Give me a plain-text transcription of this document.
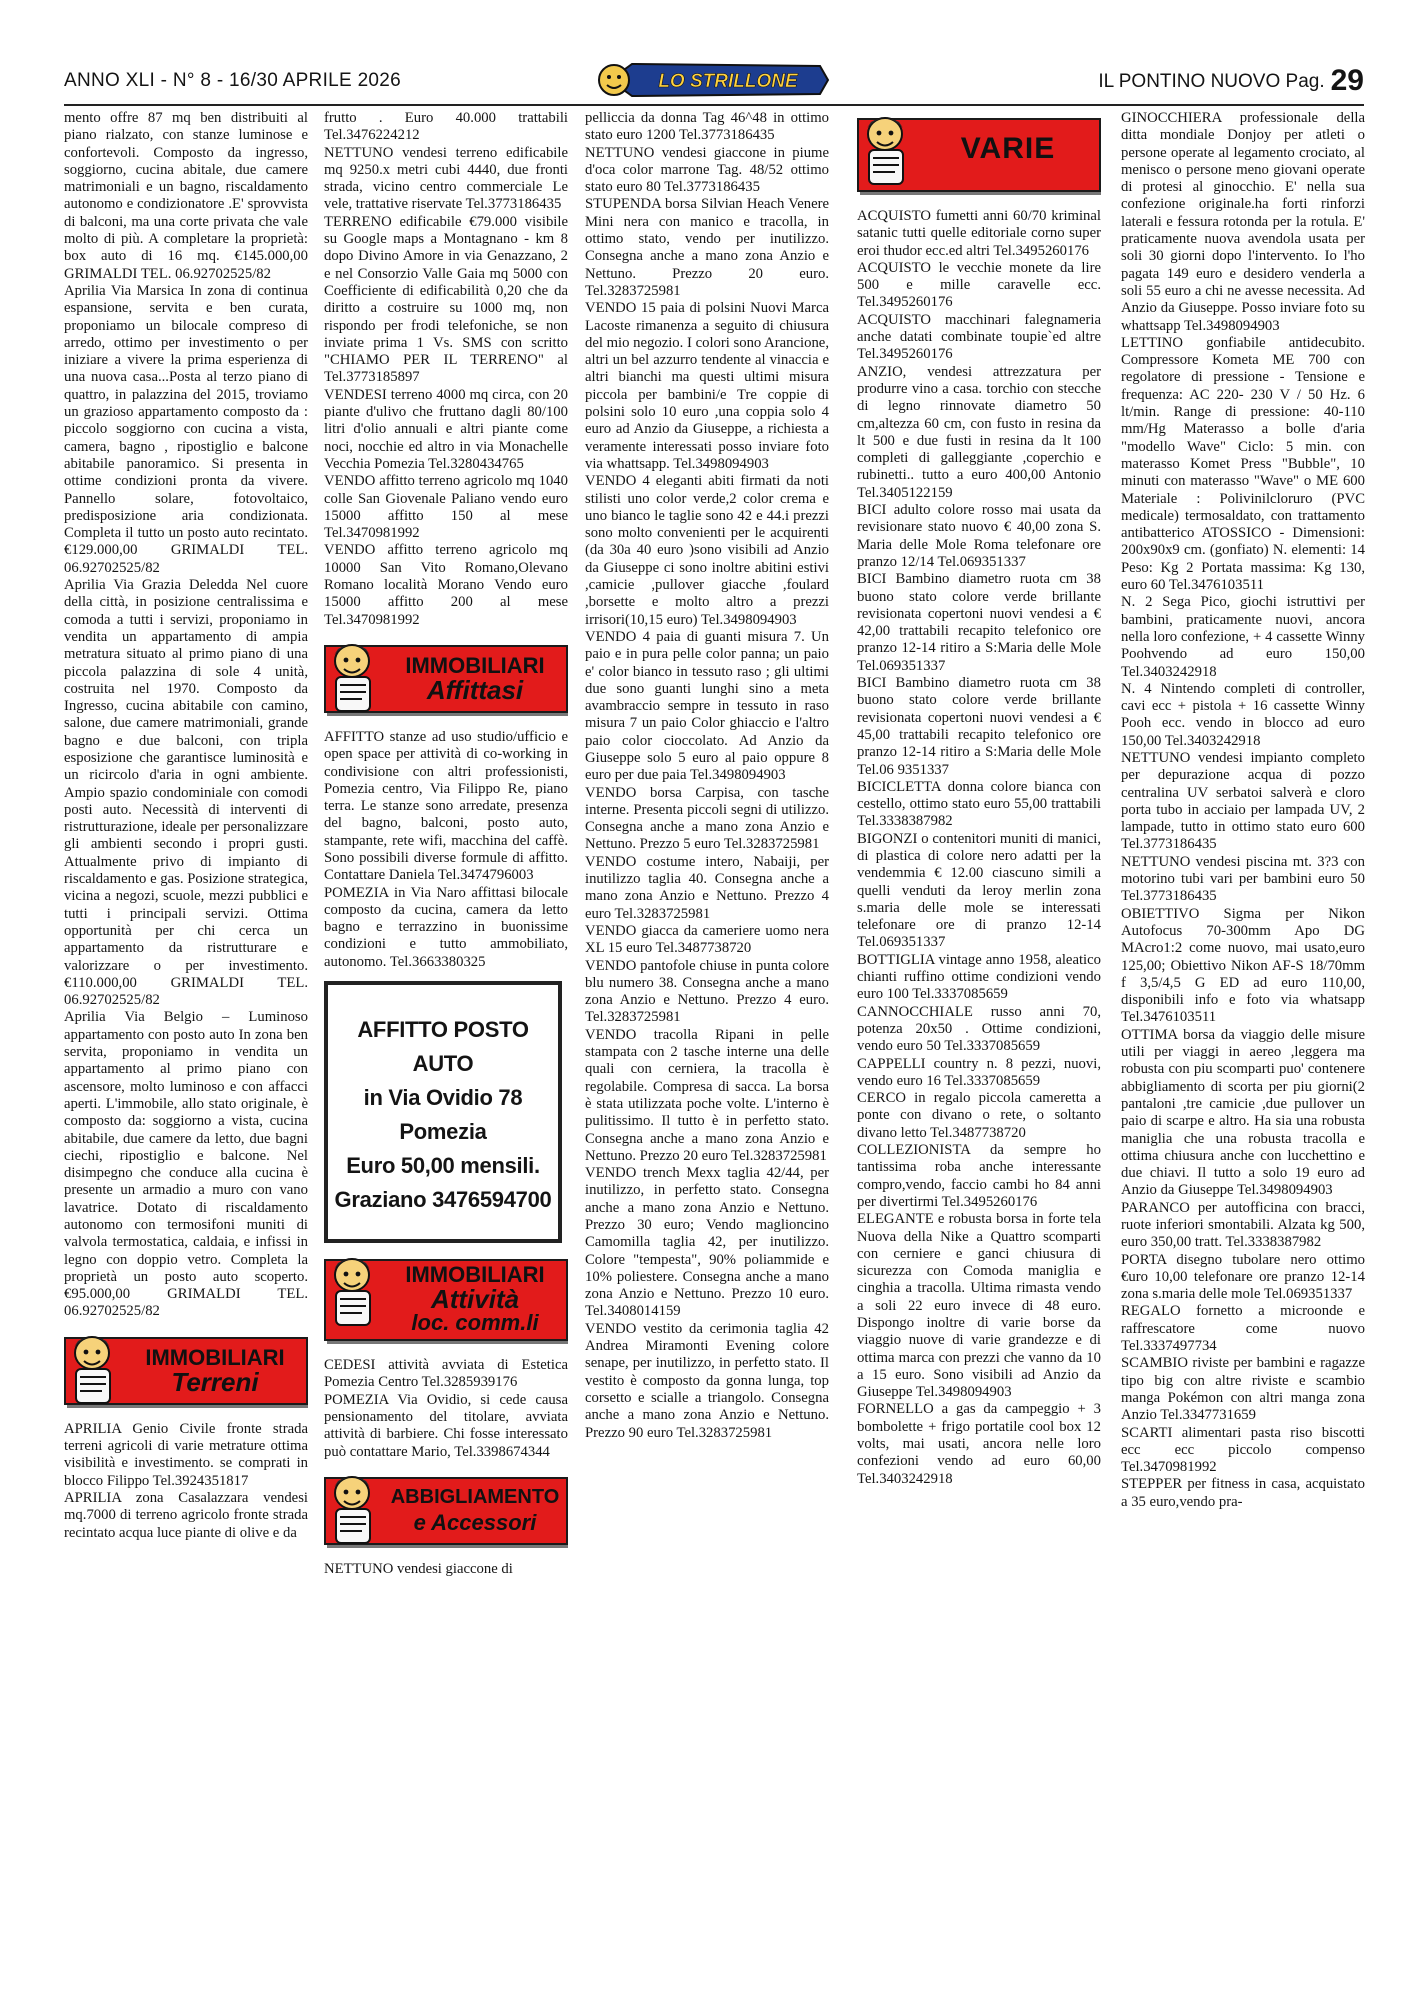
ANNO XLI - N° 8 - 16/30 APRILE 2026	LO STRILLONE	IL PONTINO NUOVO Pag. 29

mento offre 87 mq ben distribuiti al piano rialzato, con stanze luminose e confortevoli. Composto da ingresso, soggiorno, cucina abitale, due camere matrimoniali e un bagno, riscaldamento autonomo e condizionatore .E' sprovvista di balconi, ma una corte privata che vale molto di più. A completare la proprietà: box auto di 16 mq. €145.000,00 GRIMALDI TEL. 06.92702525/82

Aprilia Via Marsica In zona di continua espansione, servita e ben curata, proponiamo un bilocale compreso di arredo, ottimo per investimento o per iniziare a vivere la prima esperienza di una nuova casa...Posta al terzo piano di quattro, in palazzina del 2015, troviamo un grazioso appartamento composto da : piccolo soggiorno con cucina a vista, camera, bagno , ripostiglio e balcone abitabile panoramico. Si presenta in ottime condizioni pronta da vivere. Pannello solare, fotovoltaico, predisposizione aria condizionata. Completa il tutto un posto auto recintato. €129.000,00 GRIMALDI TEL. 06.92702525/82

Aprilia Via Grazia Deledda Nel cuore della città, in posizione centralissima e comoda a tutti i servizi, proponiamo in vendita un appartamento di ampia metratura situato al primo piano di una piccola palazzina di sole 4 unità, costruita nel 1970. Composto da Ingresso, cucina abitabile con camino, salone, due camere matrimoniali, grande bagno e due balconi, con tripla esposizione che garantisce luminosità e un ricircolo d'aria in ogni ambiente. Ampio spazio condominiale con comodi posti auto. Necessità di interventi di ristrutturazione, ideale per personalizzare gli ambienti secondo i propri gusti. Attualmente privo di impianto di riscaldamento e gas. Posizione strategica, vicina a negozi, scuole, mezzi pubblici e tutti i principali servizi. Ottima opportunità per chi cerca un appartamento da ristrutturare e valorizzare o per investimento. €110.000,00 GRIMALDI TEL. 06.92702525/82

Aprilia Via Belgio – Luminoso appartamento con posto auto In zona ben servita, proponiamo in vendita un appartamento al primo piano con ascensore, molto luminoso e con affacci aperti. L'immobile, allo stato originale, è composto da: soggiorno a vista, cucina abitabile, due camere da letto, due bagni ciechi, ripostiglio e balcone. Nel disimpegno che conduce alla cucina è presente un armadio a muro con vano lavatrice. Dotato di riscaldamento autonomo con termosifoni muniti di valvola termostatica, caldaia, e infissi in legno con doppio vetro. Completa la proprietà un posto auto scoperto. €95.000,00 GRIMALDI TEL. 06.92702525/82

IMMOBILIARI
Terreni

APRILIA Genio Civile fronte strada terreni agricoli di varie metrature ottima visibilità e investimento. se comprati in blocco Filippo Tel.3924351817

APRILIA zona Casalazzara vendesi mq.7000 di terreno agricolo fronte strada recintato acqua luce piante di olive e da

frutto . Euro 40.000 trattabili Tel.3476224212

NETTUNO vendesi terreno edificabile mq 9250.x metri cubi 4440, due fronti strada, vicino centro commerciale Le vele, trattative riservate Tel.3773186435

TERRENO edificabile €79.000 visibile su Google maps a Montagnano - km 8 dopo Divino Amore in via Genazzano, 2 e nel Consorzio Valle Gaia mq 5000 con Coefficiente di edificabilità 0,20 che da diritto a costruire su 1000 mq, non rispondo per frodi telefoniche, se non inviate prima 1 Vs. SMS con scritto "CHIAMO PER IL TERRENO" al Tel.3773185897

VENDESI terreno 4000 mq circa, con 20 piante d'ulivo che fruttano dagli 80/100 litri d'olio annuali e altri piante come noci, nocchie ed altro in via Monachelle Vecchia Pomezia Tel.3280434765

VENDO affitto terreno agricolo mq 1040 colle San Giovenale Paliano vendo euro 15000 affitto 150 al mese Tel.3470981992

VENDO affitto terreno agricolo mq 10000 San Vito Romano,Olevano Romano località Morano Vendo euro 15000 affitto 200 al mese Tel.3470981992

IMMOBILIARI
Affittasi

AFFITTO stanze ad uso studio/ufficio e open space per attività di co-working in condivisione con altri professionisti, Pomezia centro, Via Filippo Re, piano terra. Le stanze sono arredate, presenza del bagno, balconi, posto auto, stampante, rete wifi, macchina del caffè. Sono possibili diverse formule di affitto. Contattare Daniela Tel.3474796003

POMEZIA in Via Naro affittasi bilocale composto da cucina, camera da letto bagno e terrazzino in buonissime condizioni e tutto ammobiliato, autonomo. Tel.3663380325

AFFITTO POSTO AUTO
in Via Ovidio 78 Pomezia
Euro 50,00 mensili.
Graziano 3476594700
IMMOBILIARI
Attività
loc. comm.li

CEDESI attività avviata di Estetica Pomezia Centro Tel.3285939176

POMEZIA Via Ovidio, si cede causa pensionamento del titolare, avviata attività di barbiere. Chi fosse interessato può contattare Mario, Tel.3398674344

ABBIGLIAMENTO
e Accessori

NETTUNO vendesi giaccone di

pelliccia da donna Tag 46^48 in ottimo stato euro 1200 Tel.3773186435

NETTUNO vendesi giaccone in piume d'oca color marrone Tag. 48/52 ottimo stato euro 80 Tel.3773186435

STUPENDA borsa Silvian Heach Venere Mini nera con manico e tracolla, in ottimo stato, vendo per inutilizzo. Consegna anche a mano zona Anzio e Nettuno. Prezzo 20 euro. Tel.3283725981

VENDO 15 paia di polsini Nuovi Marca Lacoste rimanenza a seguito di chiusura del mio negozio. I colori sono Arancione, altri un bel azzurro tendente al vinaccia e altri bianchi ma questi ultimi misura piccola per bambini/e Tre coppie di polsini solo 10 euro ,una coppia solo 4 euro ad Anzio da Giuseppe, a richiesta a veramente interessati posso inviare foto via whattsapp. Tel.3498094903

VENDO 4 eleganti abiti firmati da noti stilisti uno color verde,2 color crema e uno bianco le taglie sono 42 e 44.i prezzi sono molto convenienti per le acquirenti (da 30a 40 euro )sono visibili ad Anzio da Giuseppe ci sono inoltre abitini estivi ,camicie ,pullover giacche ,foulard ,borsette e molto altro a prezzi irrisori(10,15 euro) Tel.3498094903

VENDO 4 paia di guanti misura 7. Un paio e in pura pelle color panna; un paio e' color bianco in tessuto raso ; gli ultimi due sono guanti lunghi sino a meta avambraccio sempre in tessuto in raso misura 7 un paio Color ghiaccio e l'altro paio color cioccolato. Ad Anzio da Giuseppe solo 5 euro al paio oppure 8 euro per due paia Tel.3498094903

VENDO borsa Carpisa, con tasche interne. Presenta piccoli segni di utilizzo. Consegna anche a mano zona Anzio e Nettuno. Prezzo 5 euro Tel.3283725981

VENDO costume intero, Nabaiji, per inutilizzo taglia 40. Consegna anche a mano zona Anzio e Nettuno. Prezzo 4 euro Tel.3283725981

VENDO giacca da cameriere uomo nera XL 15 euro Tel.3487738720

VENDO pantofole chiuse in punta colore blu numero 38. Consegna anche a mano zona Anzio e Nettuno. Prezzo 4 euro. Tel.3283725981

VENDO tracolla Ripani in pelle stampata con 2 tasche interne una delle quali con cerniera, la tracolla è regolabile. Compresa di sacca. La borsa è stata utilizzata poche volte. L'interno è pulitissimo. Il tutto è in perfetto stato. Consegna anche a mano zona Anzio e Nettuno. Prezzo 20 euro Tel.3283725981

VENDO trench Mexx taglia 42/44, per inutilizzo, in perfetto stato. Consegna anche a mano zona Anzio e Nettuno. Prezzo 30 euro; Vendo maglioncino Camomilla taglia 42, per inutilizzo. Colore "tempesta", 90% poliammide e 10% poliestere. Consegna anche a mano zona Anzio e Nettuno. Prezzo 10 euro. Tel.3408014159

VENDO vestito da cerimonia taglia 42 Andrea Miramonti Evening colore senape, per inutilizzo, in perfetto stato. Il vestito è composto da gonna lunga, top corsetto e scialle a triangolo. Consegna anche a mano zona Anzio e Nettuno. Prezzo 90 euro Tel.3283725981

VARIE

ACQUISTO fumetti anni 60/70 kriminal satanic tutti quelle editoriale corno super eroi thudor ecc.ed altri Tel.3495260176

ACQUISTO le vecchie monete da lire 500 e mille caravelle ecc. Tel.3495260176

ACQUISTO macchinari falegnameria anche datati combinate toupie`ed altre Tel.3495260176

ANZIO, vendesi attrezzatura per produrre vino a casa. torchio con stecche di legno rinnovate diametro 50 cm,altezza 60 cm, con fusto in resina da lt 500 e due fusti in resina da lt 100 completi di galleggiante ,coperchio e rubinetti.. tutto a euro 400,00 Antonio Tel.3405122159

BICI adulto colore rosso mai usata da revisionare stato nuovo € 40,00 zona S. Maria delle Mole Roma telefonare ore pranzo 12/14 Tel.069351337

BICI Bambino diametro ruota cm 38 buono stato colore verde brillante revisionata copertoni nuovi vendesi a € 42,00 trattabili recapito telefonico ore pranzo 12-14 ritiro a S:Maria delle Mole Tel.069351337

BICI Bambino diametro ruota cm 38 buono stato colore verde brillante revisionata copertoni nuovi vendesi a € 45,00 trattabili recapito telefonico ore pranzo 12-14 ritiro a S:Maria delle Mole Tel.06 9351337

BICICLETTA donna colore bianca con cestello, ottimo stato euro 55,00 trattabili Tel.3338387982

BIGONZI o contenitori muniti di manici, di plastica di colore nero adatti per la vendemmia € 12.00 ciascuno simili a quelli venduti da leroy merlin zona s.maria delle mole se interessati telefonare ore di pranzo 12-14 Tel.069351337

BOTTIGLIA vintage anno 1958, aleatico chianti ruffino ottime condizioni vendo euro 100 Tel.3337085659

CANNOCCHIALE russo anni 70, potenza 20x50 . Ottime condizioni, vendo euro 50 Tel.3337085659

CAPPELLI country n. 8 pezzi, nuovi, vendo euro 16 Tel.3337085659

CERCO in regalo piccola cameretta a ponte con divano o rete, o soltanto divano letto Tel.3487738720

COLLEZIONISTA da sempre ho tantissima roba anche interessante compro,vendo, faccio cambi ho 84 anni per divertirmi Tel.3495260176

ELEGANTE e robusta borsa in forte tela Nuova della Nike a Quattro scomparti con cerniere e ganci chiusura di sicurezza con Comoda maniglia e cinghia a tracolla. Ultima rimasta vendo a soli 22 euro invece di 48 euro. Dispongo inoltre di varie borse da viaggio nuove di varie grandezze e di ottima marca con prezzi che vanno da 10 a 15 euro. Sono visibili ad Anzio da Giuseppe Tel.3498094903

FORNELLO a gas da campeggio + 3 bombolette + frigo portatile cool box 12 volts, mai usati, ancora nelle loro confezioni vendo ad euro 60,00 Tel.3403242918

GINOCCHIERA professionale della ditta mondiale Donjoy per atleti o persone operate al legamento crociato, al menisco o persone meno giovani operate di protesi al ginocchio. E' nella sua confezione originale.ha forti rinforzi laterali e fessura rotonda per la rotula. E' praticamente nuova avendola usata per soli 30 giorni dopo l'intervento. Io l'ho pagata 149 euro e desidero venderla a soli 55 euro a chi ne avesse necessita. Ad Anzio da Giuseppe. Posso inviare foto su whattsapp Tel.3498094903

LETTINO gonfiabile antidecubito. Compressore Kometa ME 700 con regolatore di pressione - Tensione e frequenza: AC 220- 230 V / 50 Hz. 6 lt/min. Range di pressione: 40-110 mm/Hg Materasso a bolle d'aria "modello Wave" Ciclo: 5 min. con materasso Komet Press "Bubble", 10 minuti con materasso "Wave" o ME 600 Materiale : Polivinilcloruro (PVC medicale) termosaldato, con trattamento antibatterico ATOSSICO - Dimensioni: 200x90x9 cm. (gonfiato) N. elementi: 14 Peso: Kg 2 Portata massima: Kg 130, euro 60 Tel.3476103511

N. 2 Sega Pico, giochi istruttivi per bambini, praticamente nuovi, ancora nella loro confezione, + 4 cassette Winny Poohvendo ad euro 150,00 Tel.3403242918

N. 4 Nintendo completi di controller, cavi ecc + pistola + 16 cassette Winny Pooh ecc. vendo in blocco ad euro 150,00 Tel.3403242918

NETTUNO vendesi impianto completo per depurazione acqua di pozzo centralina UV serbatoi salverà e cloro porta tubo in acciaio per lampada UV, 2 lampade, tutto in ottimo stato euro 600 Tel.3773186435

NETTUNO vendesi piscina mt. 3?3 con motorino tubi vari per bambini euro 50 Tel.3773186435

OBIETTIVO Sigma per Nikon Autofocus 70-300mm Apo DG MAcro1:2 come nuovo, mai usato,euro 125,00; Obiettivo Nikon AF-S 18/70mm f 3,5/4,5 G ED ad euro 110,00, disponibili info e foto via whatsapp Tel.3476103511

OTTIMA borsa da viaggio delle misure utili per viaggi in aereo ,leggera ma robusta con piu scomparti puo' contenere abbigliamento di scorta per piu giorni(2 pantaloni ,tre camicie ,due pullover un paio di scarpe e altro. Ha sia una robusta maniglia che una robusta tracolla e ottima chiusura anche con lucchettino e due chiavi. Il tutto a solo 19 euro ad Anzio da Giuseppe Tel.3498094903

PARANCO per autofficina con bracci, ruote inferiori smontabili. Alzata kg 500, euro 350,00 tratt. Tel.3338387982

PORTA disegno tubolare nero ottimo €uro 10,00 telefonare ore pranzo 12-14 zona s.maria delle mole Tel.069351337

REGALO fornetto a microonde e raffrescatore come nuovo Tel.3337497734

SCAMBIO riviste per bambini e ragazze tipo big con altre riviste e scambio manga Pokémon con altri manga zona Anzio Tel.3347731659

SCARTI alimentari pasta riso biscotti ecc ecc piccolo compenso Tel.3470981992

STEPPER per fitness in casa, acquistato a 35 euro,vendo pra-
